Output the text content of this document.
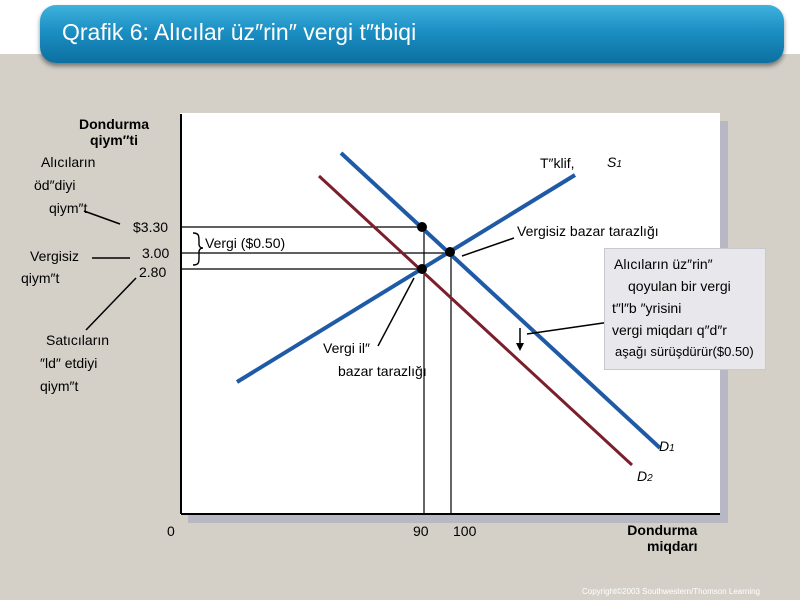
Qrafik 6: Alıcılar üz″rin″ vergi t″tbiqi
Dondurma
qiym″ti
Dondurma
miqdarı
0
$3.30
3.00
2.80
90 100
Alıcıların
öd″diyi
qiym″t
Vergisiz
qiym″t
Satıcıların
″ld″ etdiyi
qiym″t
Vergi ($0.50)
Vergisiz bazar tarazlığı
Vergi il″
bazar tarazlığı
T″klif, S1
D1
D2
Alıcıların üz″rin″
qoyulan bir vergi
t″l″b ″yrisini
vergi miqdarı q″d″r
aşağı sürüşdürür($0.50)
Copyright©2003 Southwestern/Thomson Learning
